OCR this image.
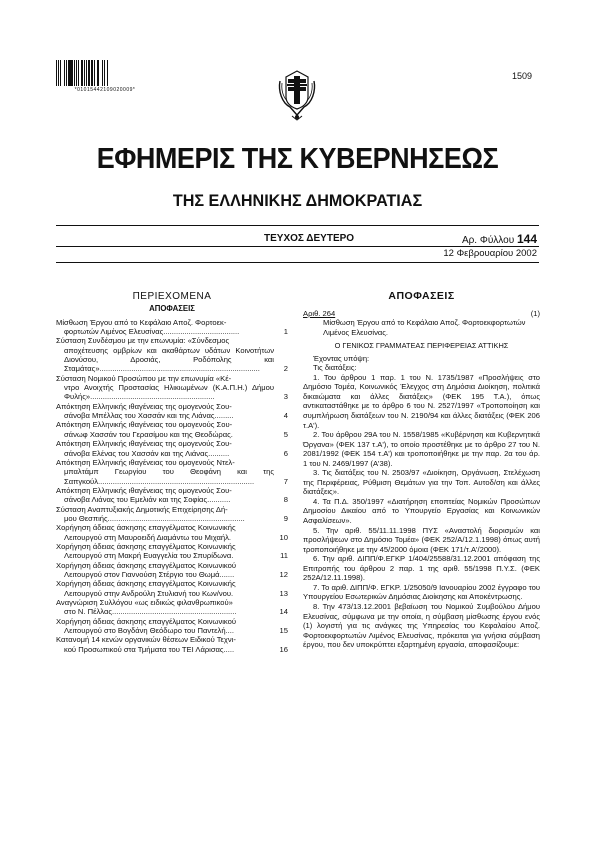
*01015442109020009*
1509
ΕΦΗΜΕΡΙΣ ΤΗΣ ΚΥΒΕΡΝΗΣΕΩΣ
ΤΗΣ ΕΛΛΗΝΙΚΗΣ ΔΗΜΟΚΡΑΤΙΑΣ
ΤΕΥΧΟΣ ΔΕΥΤΕΡΟ	Αρ. Φύλλου 144
12 Φεβρουαρίου 2002
ΠΕΡΙΕΧΟΜΕΝΑ
ΑΠΟΦΑΣΕΙΣ
Μίσθωση Έργου από το Κεφάλαιο Αποζ. Φορτοεκ-
φορτωτών Λιμένος Ελευσίνας....................................	1
Σύσταση Συνδέσμου με την επωνυμία: «Σύνδεσμος
αποχέτευσης ομβρίων και ακαθάρτων υδάτων Κοινοτήτων Διονύσου, Δροσιάς, Ροδόπολης και Σταμάτας»............................................................................	2
Σύσταση Νομικού Προσώπου με την επωνυμία «Κέ-
ντρο Ανοιχτής Προστασίας Ηλικιωμένων (Κ.Α.Π.Η.) Δήμου Φυλής»...........................................................	3
Απόκτηση Ελληνικής ιθαγένειας της ομογενούς Σου-
σάνοβα Μπέλλας του Χασσάν και της Λιάνας.........	4
Απόκτηση Ελληνικής ιθαγένειας του ομογενούς Σου-
σάνωφ Χασσάν του Γερασίμου και της Θεοδώρας.	5
Απόκτηση Ελληνικής ιθαγένειας της ομογενούς Σου-
σάνοβα Ελένας του Χασσάν και της Λιάνας..........	6
Απόκτηση Ελληνικής ιθαγένειας του ομογενούς Ντελ-
μπαλτάμπ Γεωργίου του Θεοφάνη και της Σαπγκούλ..........................................................................	7
Απόκτηση Ελληνικής ιθαγένειας της ομογενούς Σου-
σάνοβα Λιάνας του Εμελιάν και της Σοφίας...........	8
Σύσταση Αναπτυξιακής Δημοτικής Επιχείρησης Δή-
μου Θεσπιής.................................................................	9
Χορήγηση άδειας άσκησης επαγγέλματος Κοινωνικής
Λειτουργού στη Μαυροειδή Διαμάντω του Μιχαήλ.	10
Χορήγηση άδειας άσκησης επαγγέλματος Κοινωνικής
Λειτουργού στη Μακρή Ευαγγελία του Σπυρίδωνα.	11
Χορήγηση άδειας άσκησης επαγγέλματος Κοινωνικού
Λειτουργού στον Γιαννούση Στέργιο του Θωμά.......	12
Χορήγηση άδειας άσκησης επαγγέλματος Κοινωνικής
Λειτουργού στην Ανδρούλη Στυλιανή του Κων/νου.	13
Αναγνώριση Συλλόγου «ως ειδικώς φιλανθρωπικού»
στο Ν. Πέλλας...........................................................	14
Χορήγηση άδειας άσκησης επαγγέλματος Κοινωνικού
Λειτουργού στο Βογδάνη Θεόδωρο του Παντελή....	15
Κατανομή 14 κενών οργανικών θέσεων Ειδικού Τεχνι-
κού Προσωπικού στα Τμήματα του ΤΕΙ Λάρισας.....	16
ΑΠΟΦΑΣΕΙΣ
Αριθ. 264	(1)
Μίσθωση Έργου από το Κεφάλαιο Αποζ. Φορτοεκφορτωτών Λιμένος Ελευσίνας.
Ο ΓΕΝΙΚΟΣ ΓΡΑΜΜΑΤΕΑΣ ΠΕΡΙΦΕΡΕΙΑΣ ΑΤΤΙΚΗΣ
Έχοντας υπόψη:
Τις διατάξεις:
1. Του άρθρου 1 παρ. 1 του Ν. 1735/1987 «Προσλήψεις στο Δημόσιο Τομέα, Κοινωνικός Έλεγχος στη Δημόσια Διοίκηση, πολιτικά δικαιώματα και άλλες διατάξεις» (ΦΕΚ 195 Τ.Α.), όπως αντικαταστάθηκε με το άρθρο 6 του Ν. 2527/1997 «Τροποποίηση και συμπλήρωση διατάξεων του Ν. 2190/94 και άλλες διατάξεις (ΦΕΚ 206 τ.Α').
2. Του άρθρου 29Α του Ν. 1558/1985 «Κυβέρνηση και Κυβερνητικά Όργανα» (ΦΕΚ 137 τ.Α'), το οποίο προστέθηκε με το άρθρο 27 του Ν. 2081/1992 (ΦΕΚ 154 τ.Α') και τροποποιήθηκε με την παρ. 2α του άρ. 1 του Ν. 2469/1997 (Α'38).
3. Τις διατάξεις του Ν. 2503/97 «Διοίκηση, Οργάνωση, Στελέχωση της Περιφέρειας, Ρύθμιση Θεμάτων για την Τοπ. Αυτοδ/ση και άλλες διατάξεις».
4. Τα Π.Δ. 350/1997 «Διατήρηση εποπτείας Νομικών Προσώπων Δημοσίου Δικαίου από το Υπουργείο Εργασίας και Κοινωνικών Ασφαλίσεων».
5. Την αριθ. 55/11.11.1998 ΠΥΣ «Αναστολή διορισμών και προσλήψεων στο Δημόσιο Τομέα» (ΦΕΚ 252/Α/12.1.1998) όπως αυτή τροποποιήθηκε με την 45/2000 όμοια (ΦΕΚ 171/τ.Α'/2000).
6. Την αριθ. ΔΙΠΠ/Φ.ΕΓΚΡ 1/404/25588/31.12.2001 απόφαση της Επιτροπής του άρθρου 2 παρ. 1 της αριθ. 55/1998 Π.Υ.Σ. (ΦΕΚ 252Α/12.11.1998).
7. Το αριθ. ΔΙΠΠ/Φ. ΕΓΚΡ. 1/25050/9 Ιανουαρίου 2002 έγγραφο του Υπουργείου Εσωτερικών Δημόσιας Διοίκησης και Αποκέντρωσης.
8. Την 473/13.12.2001 βεβαίωση του Νομικού Συμβούλου Δήμου Ελευσίνας, σύμφωνα με την οποία, η σύμβαση μίσθωσης έργου ενός (1) λογιστή για τις ανάγκες της Υπηρεσίας του Κεφαλαίου Αποζ. Φορτοεκφορτωτών Λιμένος Ελευσίνας, πρόκειται για γνήσια σύμβαση έργου, που δεν υποκρύπτει εξαρτημένη εργασία, αποφασίζουμε:
